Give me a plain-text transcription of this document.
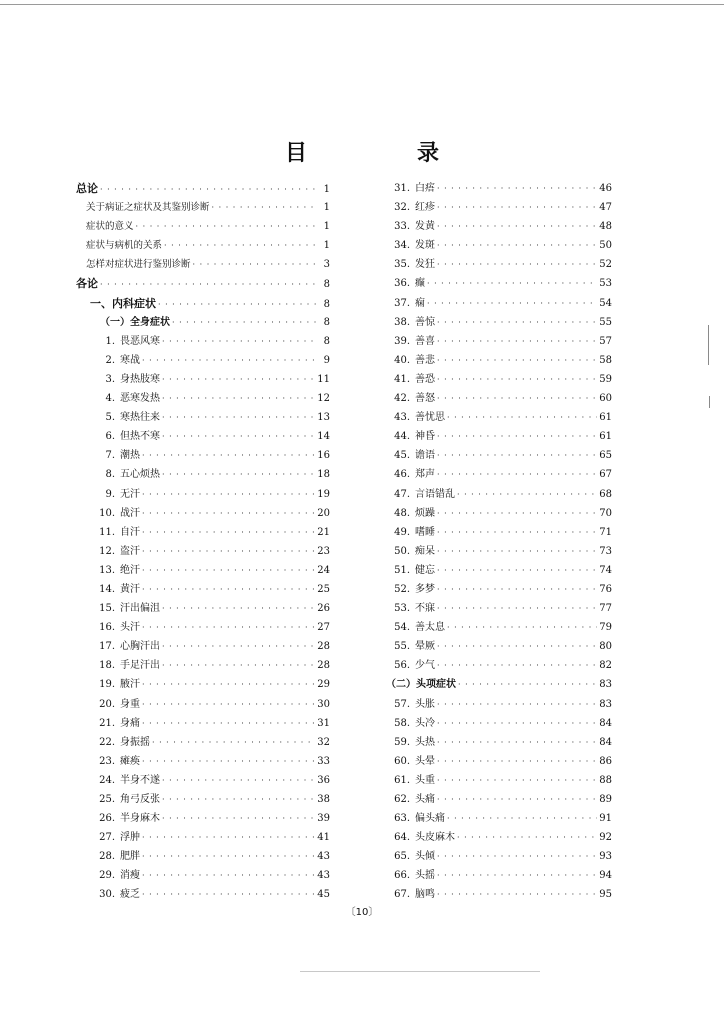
目　录
总论 · · ·	1
关于病证之症状及其鉴别诊断 · · ·	1
症状的意义 · · ·	1
症状与病机的关系 · · ·	1
怎样对症状进行鉴别诊断 · · ·	3
各论 · · ·	8
一、内科症状 · · ·	8
（一）全身症状 · · ·	8
1. 畏恶风寒 · · ·	8
2. 寒战 · · ·	9
3. 身热肢寒 · · ·	11
4. 恶寒发热 · · ·	12
5. 寒热往来 · · ·	13
6. 但热不寒 · · ·	14
7. 潮热 · · ·	16
8. 五心烦热 · · ·	18
9. 无汗 · · ·	19
10. 战汗 · · ·	20
11. 自汗 · · ·	21
12. 盗汗 · · ·	23
13. 绝汗 · · ·	24
14. 黄汗 · · ·	25
15. 汗出偏沮 · · ·	26
16. 头汗 · · ·	27
17. 心胸汗出 · · ·	28
18. 手足汗出 · · ·	28
19. 腋汗 · · ·	29
20. 身重 · · ·	30
21. 身痛 · · ·	31
22. 身振摇 · · ·	32
23. 瘫痪 · · ·	33
24. 半身不遂 · · ·	36
25. 角弓反张 · · ·	38
26. 半身麻木 · · ·	39
27. 浮肿 · · ·	41
28. 肥胖 · · ·	43
29. 消瘦 · · ·	43
30. 疲乏 · · ·	45
31. 白痦 · · ·	46
32. 红疹 · · ·	47
33. 发黄 · · ·	48
34. 发斑 · · ·	50
35. 发狂 · · ·	52
36. 癫 · · ·	53
37. 痫 · · ·	54
38. 善惊 · · ·	55
39. 善喜 · · ·	57
40. 善悲 · · ·	58
41. 善恐 · · ·	59
42. 善怒 · · ·	60
43. 善忧思 · · ·	61
44. 神昏 · · ·	61
45. 谵语 · · ·	65
46. 郑声 · · ·	67
47. 言语错乱 · · ·	68
48. 烦躁 · · ·	70
49. 嗜睡 · · ·	71
50. 痴呆 · · ·	73
51. 健忘 · · ·	74
52. 多梦 · · ·	76
53. 不寐 · · ·	77
54. 善太息 · · ·	79
55. 晕厥 · · ·	80
56. 少气 · · ·	82
（二）头项症状 · · ·	83
57. 头胀 · · ·	83
58. 头冷 · · ·	84
59. 头热 · · ·	84
60. 头晕 · · ·	86
61. 头重 · · ·	88
62. 头痛 · · ·	89
63. 偏头痛 · · ·	91
64. 头皮麻木 · · ·	92
65. 头倾 · · ·	93
66. 头摇 · · ·	94
67. 脑鸣 · · ·	95
〔10〕
